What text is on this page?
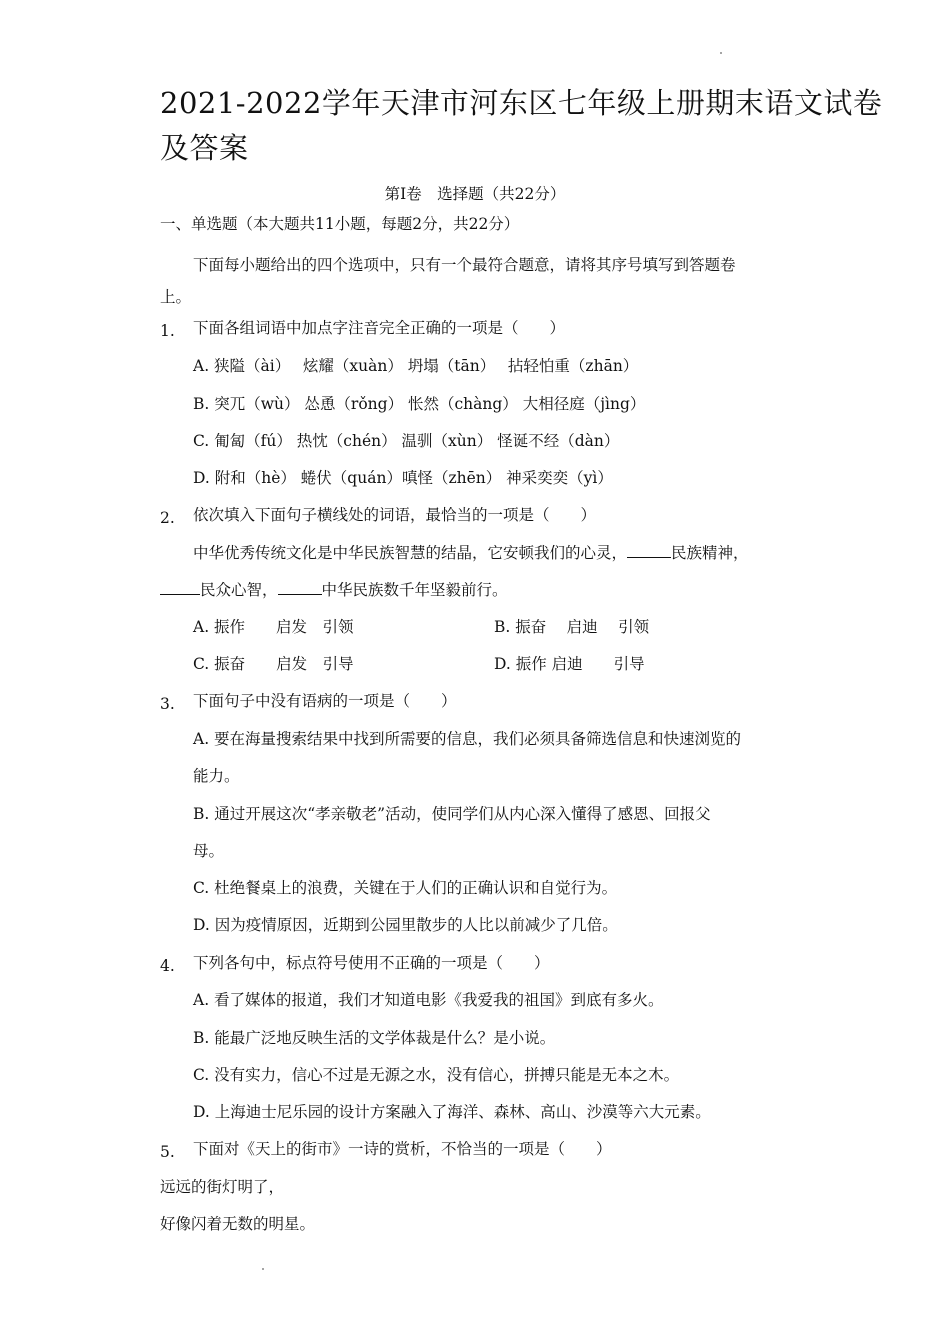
2021-2022学年天津市河东区七年级上册期末语文试卷
及答案
第Ⅰ卷　选择题（共22分）
一、单选题（本大题共11小题，每题2分，共22分）
下面每小题给出的四个选项中，只有一个最符合题意，请将其序号填写到答题卷
上。
1. 下面各组词语中加点字注音完全正确的一项是（　　）
A. 狭隘（ài）　 炫耀（xuàn） 坍塌（tān）　 拈轻怕重（zhān）
B. 突兀（wù） 怂恿（rǒng） 怅然（chàng） 大相径庭（jìng）
C. 匍匐（fú） 热忱（chén） 温驯（xùn） 怪诞不经（dàn）
D. 附和（hè） 蜷伏（quán）嗔怪（zhēn） 神采奕奕（yì）
2. 依次填入下面句子横线处的词语，最恰当的一项是（　　）
中华优秀传统文化是中华民族智慧的结晶，它安顿我们的心灵，	民族精神，
民众心智，	中华民族数千年坚毅前行。
A. 振作　　启发　引领	B. 振奋　 启迪　 引领
C. 振奋　　启发　引导	D. 振作 启迪　　引导
3. 下面句子中没有语病的一项是（　　）
A. 要在海量搜索结果中找到所需要的信息，我们必须具备筛选信息和快速浏览的
能力。
B. 通过开展这次“孝亲敬老”活动，使同学们从内心深入懂得了感恩、回报父
母。
C. 杜绝餐桌上的浪费，关键在于人们的正确认识和自觉行为。
D. 因为疫情原因，近期到公园里散步的人比以前减少了几倍。
4. 下列各句中，标点符号使用不正确的一项是（　　）
A. 看了媒体的报道，我们才知道电影《我爱我的祖国》到底有多火。
B. 能最广泛地反映生活的文学体裁是什么？是小说。
C. 没有实力，信心不过是无源之水，没有信心，拼搏只能是无本之木。
D. 上海迪士尼乐园的设计方案融入了海洋、森林、高山、沙漠等六大元素。
5. 下面对《天上的街市》一诗的赏析，不恰当的一项是（　　）
远远的街灯明了，
好像闪着无数的明星。
